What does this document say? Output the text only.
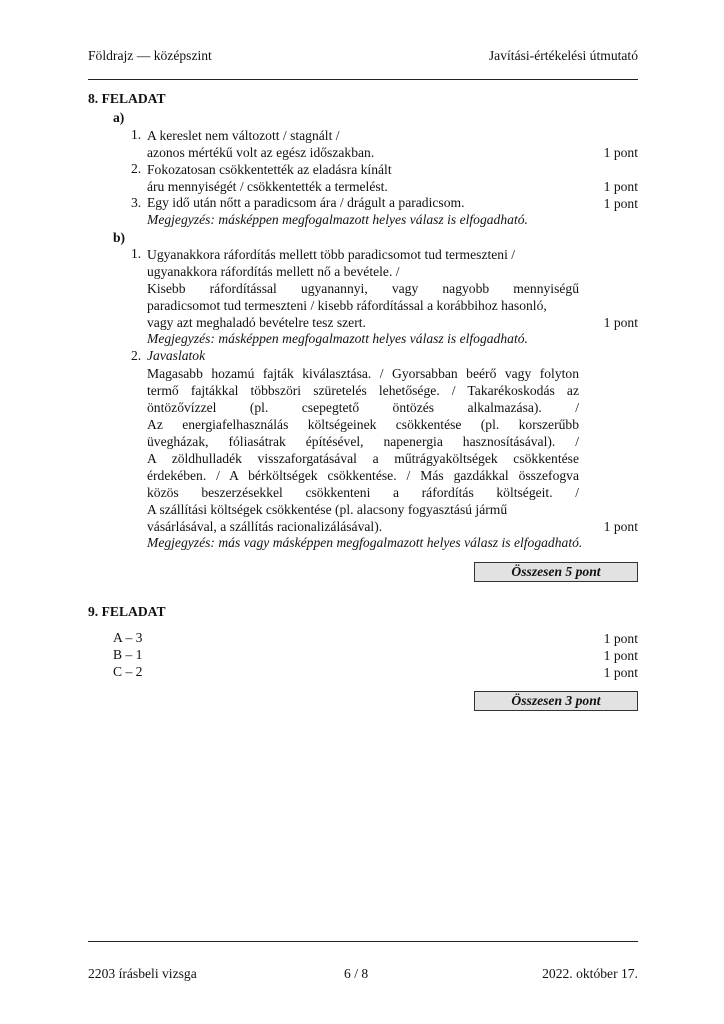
Földrajz — középszint	Javítási-értékelési útmutató
8. FELADAT
a)
1. A kereslet nem változott / stagnált /
azonos mértékű volt az egész időszakban.	1 pont
2. Fokozatosan csökkentették az eladásra kínált
áru mennyiségét / csökkentették a termelést.	1 pont
3. Egy idő után nőtt a paradicsom ára / drágult a paradicsom.	1 pont
Megjegyzés: másképpen megfogalmazott helyes válasz is elfogadható.
b)
1. Ugyanakkora ráfordítás mellett több paradicsomot tud termeszteni /
ugyanakkora ráfordítás mellett nő a bevétele. /
Kisebb ráfordítással ugyanannyi, vagy nagyobb mennyiségű
paradicsomot tud termeszteni / kisebb ráfordítással a korábbihoz hasonló,
vagy azt meghaladó bevételre tesz szert.	1 pont
Megjegyzés: másképpen megfogalmazott helyes válasz is elfogadható.
2. Javaslatok
Magasabb hozamú fajták kiválasztása. / Gyorsabban beérő vagy folyton
termő fajtákkal többszöri szüretelés lehetősége. / Takarékoskodás az
öntözővízzel (pl. csepegtető öntözés alkalmazása). /
Az energiafelhasználás költségeinek csökkentése (pl. korszerűbb
üvegházak, fóliasátrak építésével, napenergia hasznosításával). /
A zöldhulladék visszaforgatásával a műtrágyaköltségek csökkentése
érdekében. / A bérköltségek csökkentése. / Más gazdákkal összefogva
közös beszerzésekkel csökkenteni a ráfordítás költségeit. /
A szállítási költségek csökkentése (pl. alacsony fogyasztású jármű
vásárlásával, a szállítás racionalizálásával).	1 pont
Megjegyzés: más vagy másképpen megfogalmazott helyes válasz is elfogadható.
Összesen 5 pont
9. FELADAT
A – 3	1 pont
B – 1	1 pont
C – 2	1 pont
Összesen 3 pont
2203 írásbeli vizsga	6 / 8	2022. október 17.
